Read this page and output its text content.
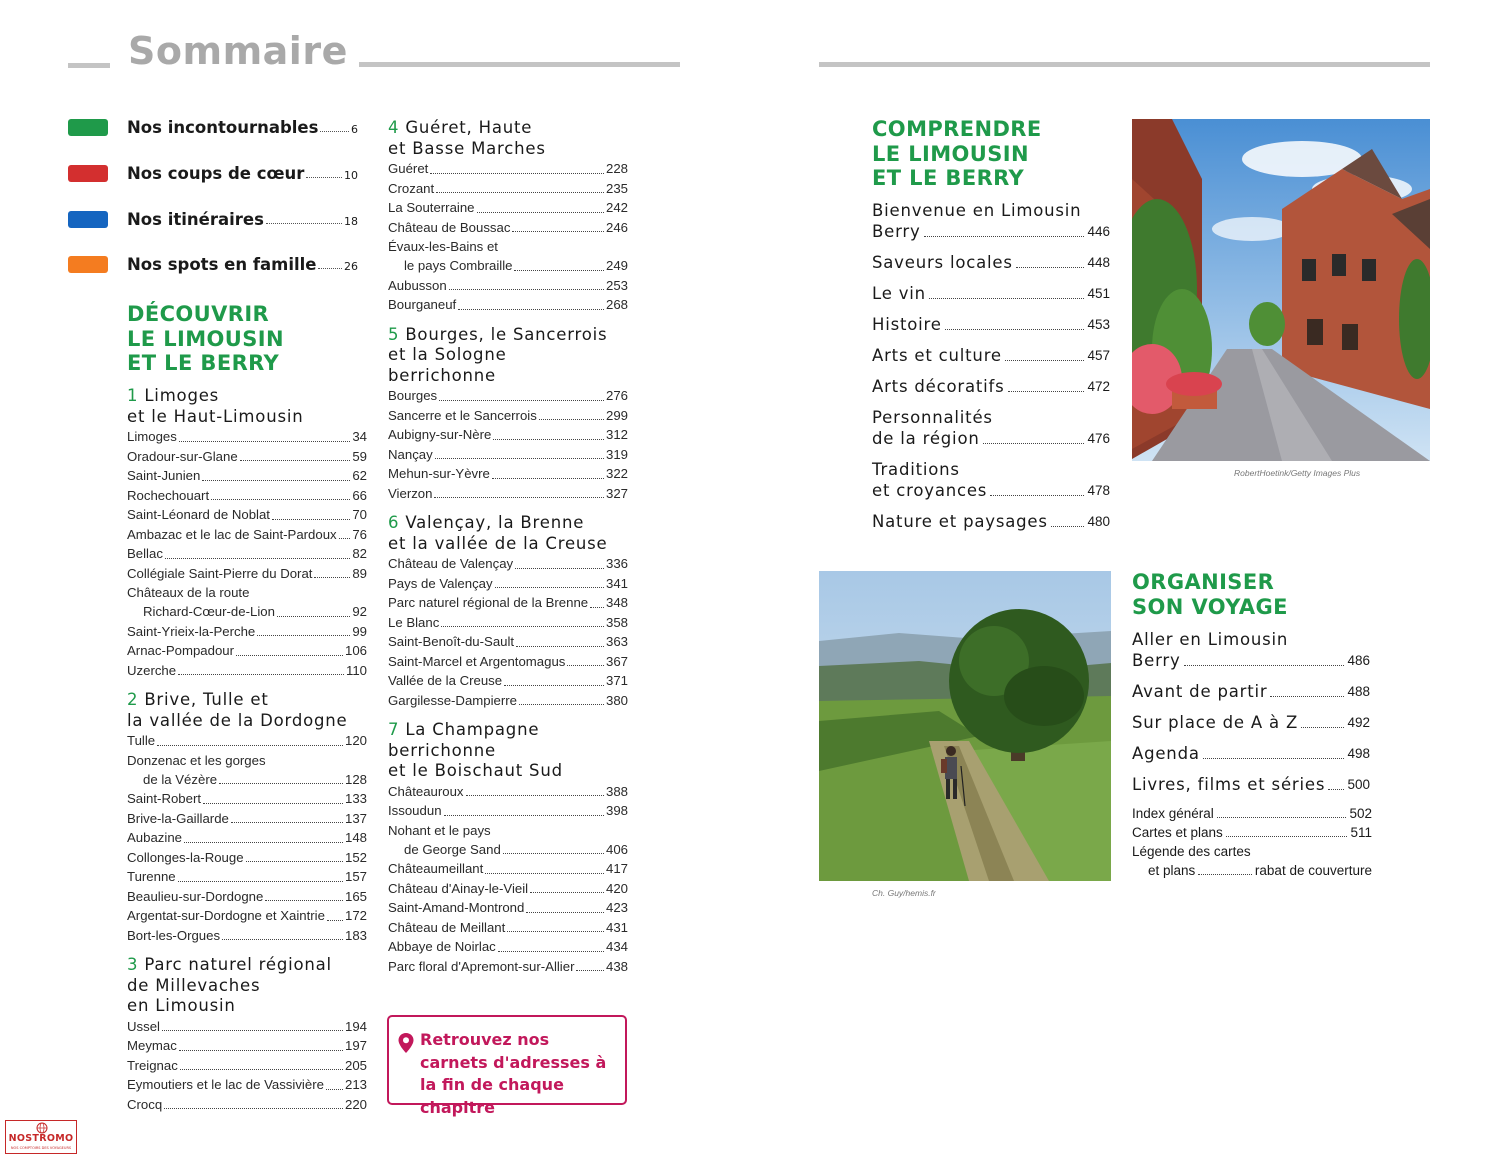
Sommaire
Nos incontournables	6
Nos coups de cœur	10
Nos itinéraires	18
Nos spots en famille	26
DÉCOUVRIR
LE LIMOUSIN
ET LE BERRY
1 Limoges
et le Haut-Limousin
Limoges	34
Oradour-sur-Glane	59
Saint-Junien	62
Rochechouart	66
Saint-Léonard de Noblat	70
Ambazac et le lac de Saint-Pardoux 76
Bellac	82
Collégiale Saint-Pierre du Dorat	89
Châteaux de la route
Richard-Cœur-de-Lion	92
Saint-Yrieix-la-Perche	99
Arnac-Pompadour	106
Uzerche	110
2 Brive, Tulle et
la vallée de la Dordogne
Tulle	120
Donzenac et les gorges
de la Vézère	128
Saint-Robert	133
Brive-la-Gaillarde	137
Aubazine	148
Collonges-la-Rouge	152
Turenne	157
Beaulieu-sur-Dordogne	165
Argentat-sur-Dordogne et Xaintrie 172
Bort-les-Orgues	183
3 Parc naturel régional
de Millevaches
en Limousin
Ussel	194
Meymac	197
Treignac	205
Eymoutiers et le lac de Vassivière 213
Crocq	220
4 Guéret, Haute
et Basse Marches
Guéret	228
Crozant	235
La Souterraine	242
Château de Boussac	246
Évaux-les-Bains et
le pays Combraille	249
Aubusson	253
Bourganeuf	268
5 Bourges, le Sancerrois
et la Sologne
berrichonne
Bourges	276
Sancerre et le Sancerrois	299
Aubigny-sur-Nère	312
Nançay	319
Mehun-sur-Yèvre	322
Vierzon	327
6 Valençay, la Brenne
et la vallée de la Creuse
Château de Valençay	336
Pays de Valençay	341
Parc naturel régional de la Brenne 348
Le Blanc	358
Saint-Benoît-du-Sault	363
Saint-Marcel et Argentomagus	367
Vallée de la Creuse	371
Gargilesse-Dampierre	380
7 La Champagne
berrichonne
et le Boischaut Sud
Châteauroux	388
Issoudun	398
Nohant et le pays
de George Sand	406
Châteaumeillant	417
Château d'Ainay-le-Vieil	420
Saint-Amand-Montrond	423
Château de Meillant	431
Abbaye de Noirlac	434
Parc floral d'Apremont-sur-Allier 438
Retrouvez nos carnets d'adresses à la fin de chaque chapitre
COMPRENDRE
LE LIMOUSIN
ET LE BERRY
Bienvenue en Limousin
Berry	446
Saveurs locales	448
Le vin	451
Histoire	453
Arts et culture	457
Arts décoratifs	472
Personnalités
de la région	476
Traditions
et croyances	478
Nature et paysages	480
RobertHoetink/Getty Images Plus
Ch. Guy/hemis.fr
ORGANISER
SON VOYAGE
Aller en Limousin
Berry	486
Avant de partir	488
Sur place de A à Z	492
Agenda	498
Livres, films et séries 500
Index général	502
Cartes et plans	511
Légende des cartes
et plans	rabat de couverture
NOSTROMO
NOS COMPTOIRS DES VOYAGEURS
